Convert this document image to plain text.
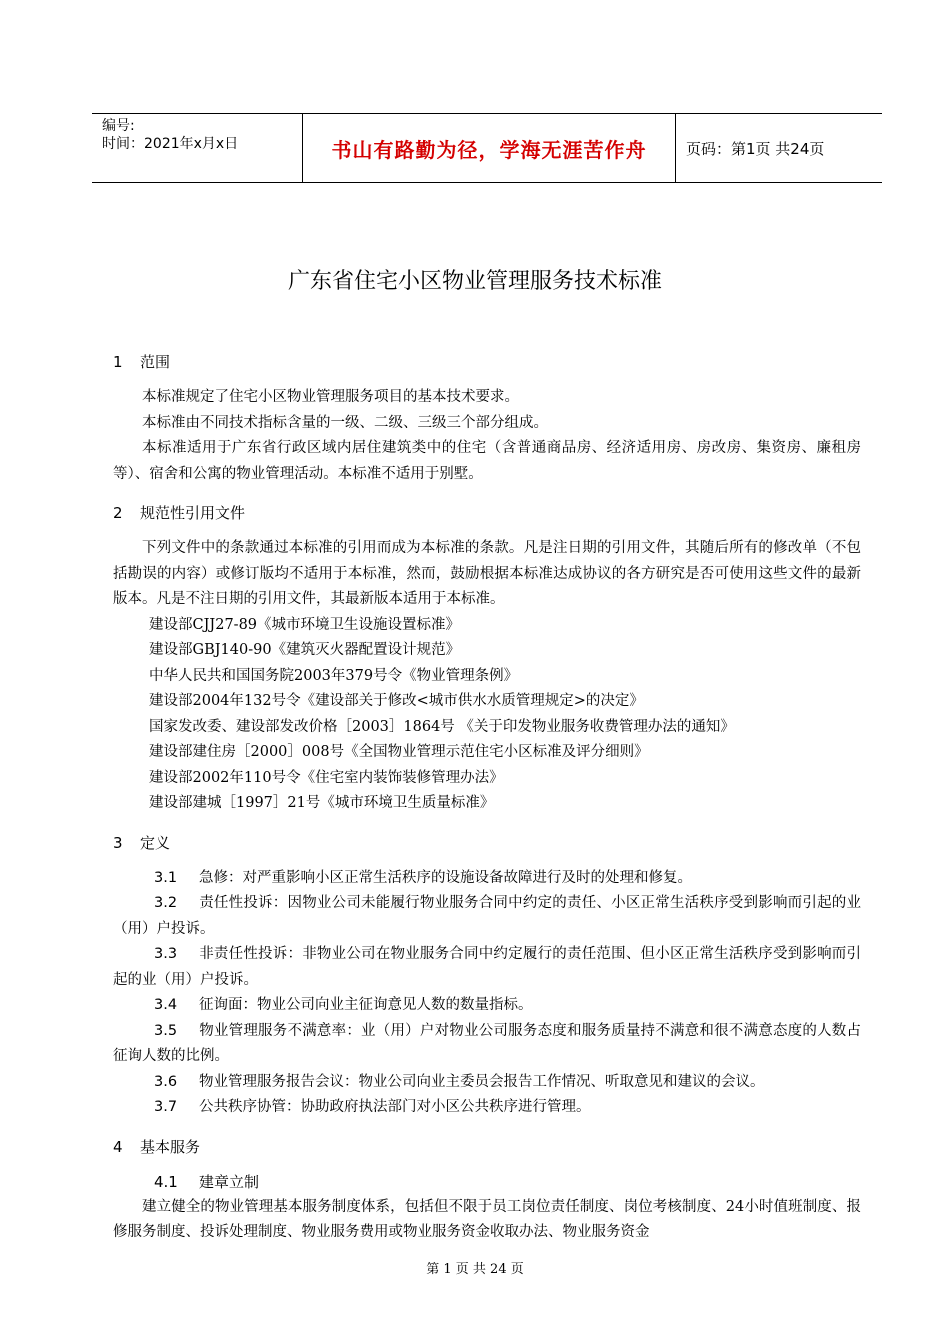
编号:
时间：2021年x月x日	书山有路勤为径，学海无涯苦作舟	页码：第1页 共24页
广东省住宅小区物业管理服务技术标准
1 范围

本标准规定了住宅小区物业管理服务项目的基本技术要求。

本标准由不同技术指标含量的一级、二级、三级三个部分组成。

本标准适用于广东省行政区域内居住建筑类中的住宅（含普通商品房、经济适用房、房改房、集资房、廉租房等）、宿舍和公寓的物业管理活动。本标准不适用于别墅。

2 规范性引用文件

下列文件中的条款通过本标准的引用而成为本标准的条款。凡是注日期的引用文件，其随后所有的修改单（不包括勘误的内容）或修订版均不适用于本标准，然而，鼓励根据本标准达成协议的各方研究是否可使用这些文件的最新版本。凡是不注日期的引用文件，其最新版本适用于本标准。

建设部CJJ27-89《城市环境卫生设施设置标准》

建设部GBJ140-90《建筑灭火器配置设计规范》

中华人民共和国国务院2003年379号令《物业管理条例》

建设部2004年132号令《建设部关于修改<城市供水水质管理规定>的决定》

国家发改委、建设部发改价格［2003］1864号 《关于印发物业服务收费管理办法的通知》

建设部建住房［2000］008号《全国物业管理示范住宅小区标准及评分细则》

建设部2002年110号令《住宅室内装饰装修管理办法》

建设部建城［1997］21号《城市环境卫生质量标准》

3 定义

3.1 急修：对严重影响小区正常生活秩序的设施设备故障进行及时的处理和修复。

3.2 责任性投诉：因物业公司未能履行物业服务合同中约定的责任、小区正常生活秩序受到影响而引起的业（用）户投诉。

3.3 非责任性投诉：非物业公司在物业服务合同中约定履行的责任范围、但小区正常生活秩序受到影响而引起的业（用）户投诉。

3.4 征询面：物业公司向业主征询意见人数的数量指标。

3.5 物业管理服务不满意率：业（用）户对物业公司服务态度和服务质量持不满意和很不满意态度的人数占征询人数的比例。

3.6 物业管理服务报告会议：物业公司向业主委员会报告工作情况、听取意见和建议的会议。

3.7 公共秩序协管：协助政府执法部门对小区公共秩序进行管理。

4 基本服务
4.1 建章立制

建立健全的物业管理基本服务制度体系，包括但不限于员工岗位责任制度、岗位考核制度、24小时值班制度、报修服务制度、投诉处理制度、物业服务费用或物业服务资金收取办法、物业服务资金

第 1 页 共 24 页
